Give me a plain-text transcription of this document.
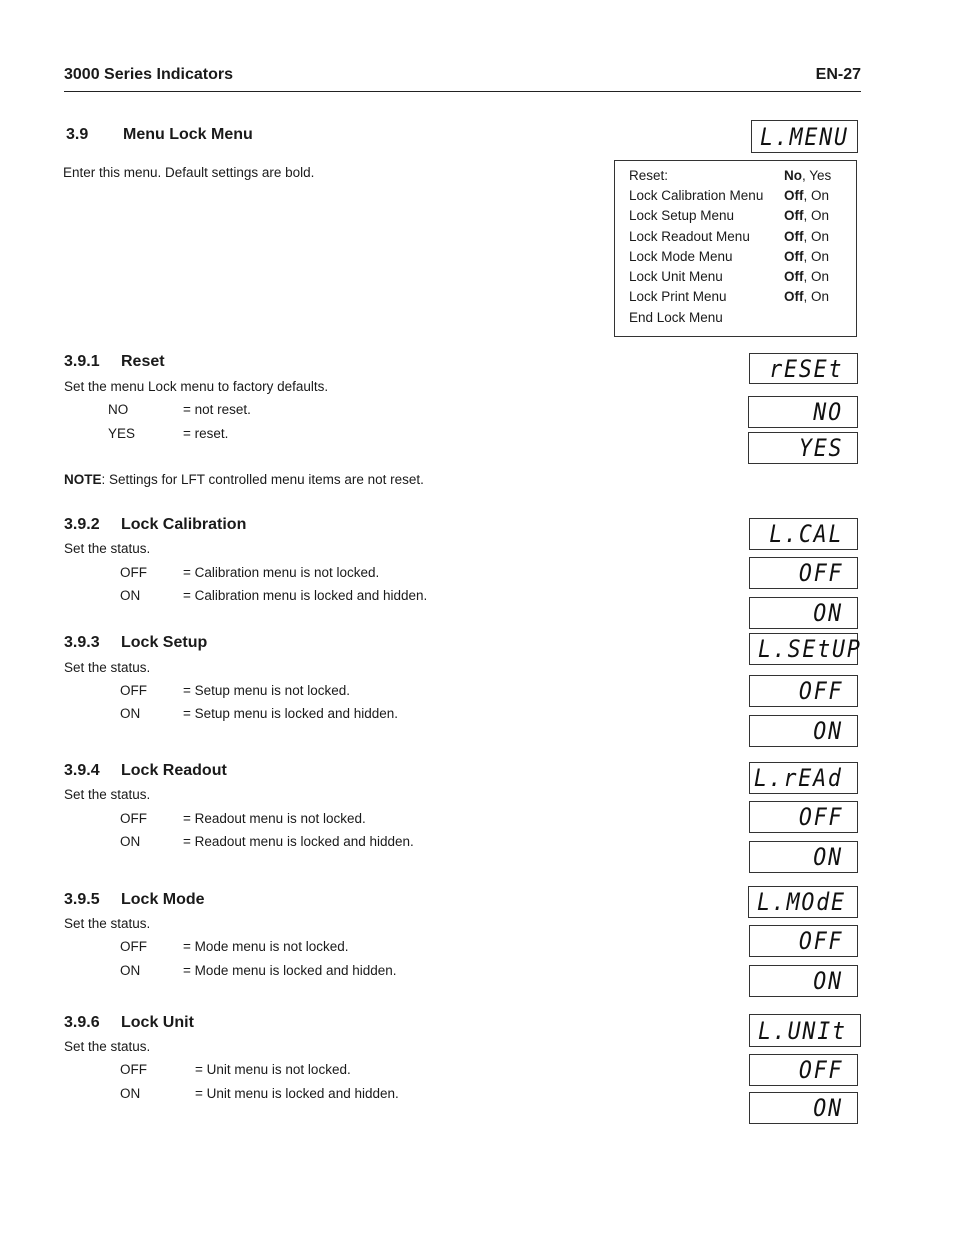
3000 Series Indicators	EN-27
3.9 Menu Lock Menu
Enter this menu. Default settings are bold.
L.MENU
Reset:	No, Yes
Lock Calibration Menu Off, On
Lock Setup Menu	Off, On
Lock Readout Menu	Off, On
Lock Mode Menu	Off, On
Lock Unit Menu	Off, On
Lock Print Menu	Off, On
End Lock Menu
3.9.1 Reset
Set the menu Lock menu to factory defaults.
NO	= not reset.
YES	= reset.
NOTE: Settings for LFT controlled menu items are not reset.
rESEt
NO
YES
3.9.2 Lock Calibration
Set the status.
OFF	= Calibration menu is not locked.
ON	= Calibration menu is locked and hidden.
L.CAL
OFF
ON
3.9.3 Lock Setup
Set the status.
OFF	= Setup menu is not locked.
ON	= Setup menu is locked and hidden.
L.SEtUP
OFF
ON
3.9.4 Lock Readout
Set the status.
OFF	= Readout menu is not locked.
ON	= Readout menu is locked and hidden.
L.rEAd
OFF
ON
3.9.5 Lock Mode
Set the status.
OFF	= Mode menu is not locked.
ON	= Mode menu is locked and hidden.
L.MOdE
OFF
ON
3.9.6 Lock Unit
Set the status.
OFF	= Unit menu is not locked.
ON	= Unit menu is locked and hidden.
L.UNIt
OFF
ON
